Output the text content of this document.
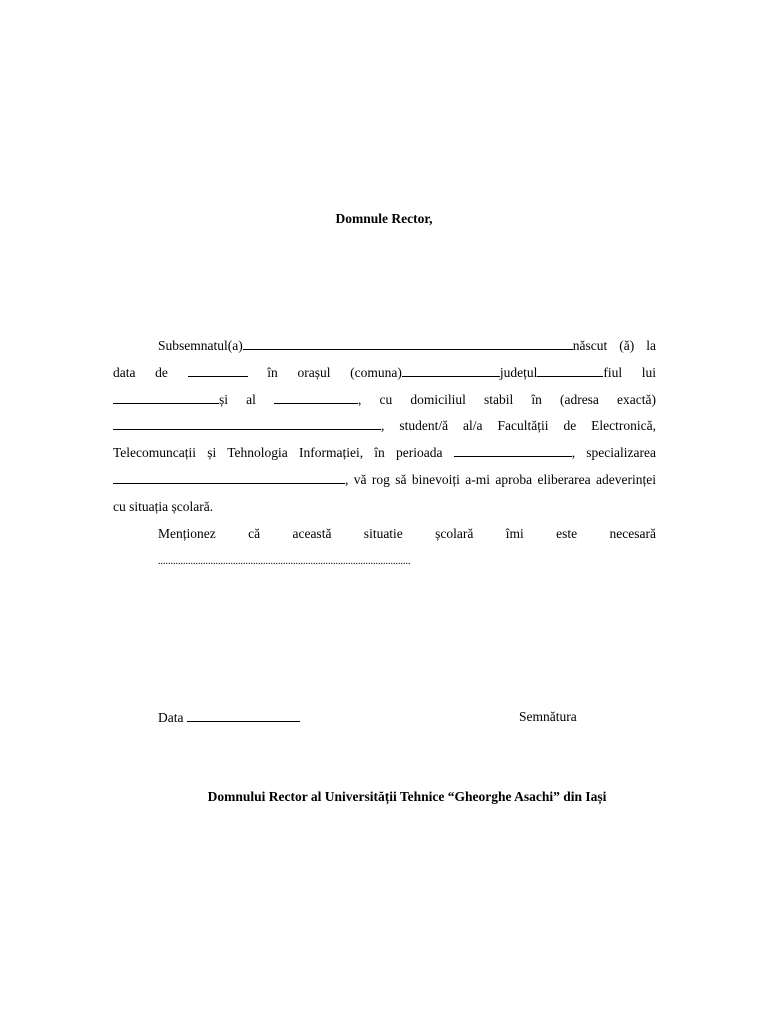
Domnule Rector,

Subsemnatul(a)	născut (ă) la data de	în orașul (comuna)	județul	fiul lui și al	, cu domiciliul stabil în (adresa exactă) , student/ă al/a Facultății de Electronică, Telecomuncații și Tehnologia Informației, în perioada	, specializarea, vă rog să binevoiți a-mi aproba eliberarea adeverinței cu situația școlară.

Menționez că această situatie școlară îmi este necesară.....................................................................................................

Data	Semnătura

Domnului Rector al Universității Tehnice “Gheorghe Asachi” din Iași
